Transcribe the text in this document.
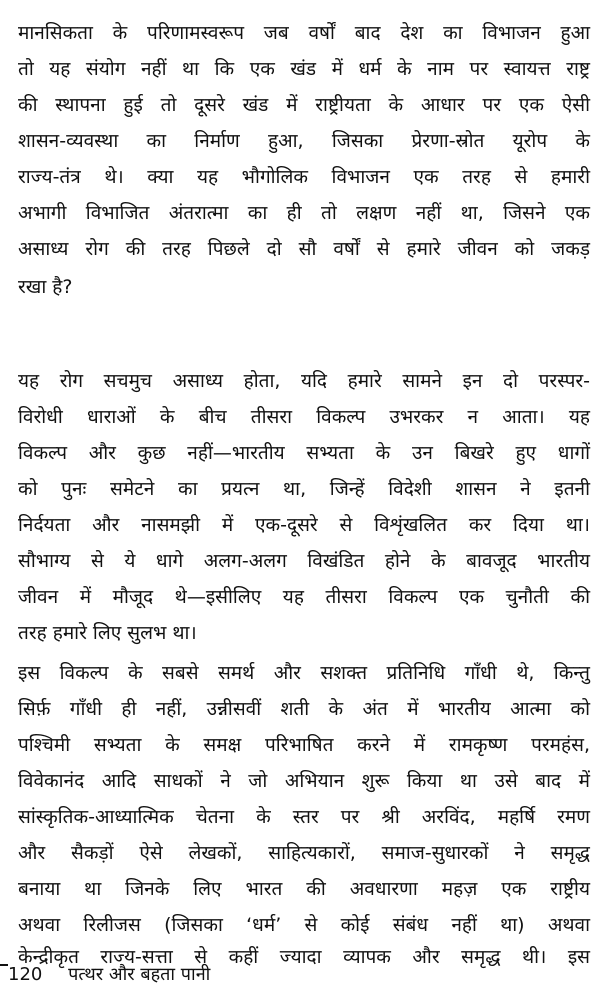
मानसिकता के परिणामस्वरूप जब वर्षों बाद देश का विभाजन हुआ
तो यह संयोग नहीं था कि एक खंड में धर्म के नाम पर स्वायत्त राष्ट्र
की स्थापना हुई तो दूसरे खंड में राष्ट्रीयता के आधार पर एक ऐसी
शासन-व्यवस्था का निर्माण हुआ, जिसका प्रेरणा-स्रोत यूरोप के
राज्य-तंत्र थे। क्या यह भौगोलिक विभाजन एक तरह से हमारी
अभागी विभाजित अंतरात्मा का ही तो लक्षण नहीं था, जिसने एक
असाध्य रोग की तरह पिछले दो सौ वर्षों से हमारे जीवन को जकड़
रखा है?
यह रोग सचमुच असाध्य होता, यदि हमारे सामने इन दो परस्पर-
विरोधी धाराओं के बीच तीसरा विकल्प उभरकर न आता। यह
विकल्प और कुछ नहीं—भारतीय सभ्यता के उन बिखरे हुए धागों
को पुनः समेटने का प्रयत्न था, जिन्हें विदेशी शासन ने इतनी
निर्दयता और नासमझी में एक-दूसरे से विशृंखलित कर दिया था।
सौभाग्य से ये धागे अलग-अलग विखंडित होने के बावजूद भारतीय
जीवन में मौजूद थे—इसीलिए यह तीसरा विकल्प एक चुनौती की
तरह हमारे लिए सुलभ था।
इस विकल्प के सबसे समर्थ और सशक्त प्रतिनिधि गाँधी थे, किन्तु
सिर्फ़ गाँधी ही नहीं, उन्नीसवीं शती के अंत में भारतीय आत्मा को
पश्चिमी सभ्यता के समक्ष परिभाषित करने में रामकृष्ण परमहंस,
विवेकानंद आदि साधकों ने जो अभियान शुरू किया था उसे बाद में
सांस्कृतिक-आध्यात्मिक चेतना के स्तर पर श्री अरविंद, महर्षि रमण
और सैकड़ों ऐसे लेखकों, साहित्यकारों, समाज-सुधारकों ने समृद्ध
बनाया था जिनके लिए भारत की अवधारणा महज़ एक राष्ट्रीय
अथवा रिलीजस (जिसका ‘धर्म’ से कोई संबंध नहीं था) अथवा
केन्द्रीकृत राज्य-सत्ता से कहीं ज्यादा व्यापक और समृद्ध थी। इस
120 पत्थर और बहता पानी
